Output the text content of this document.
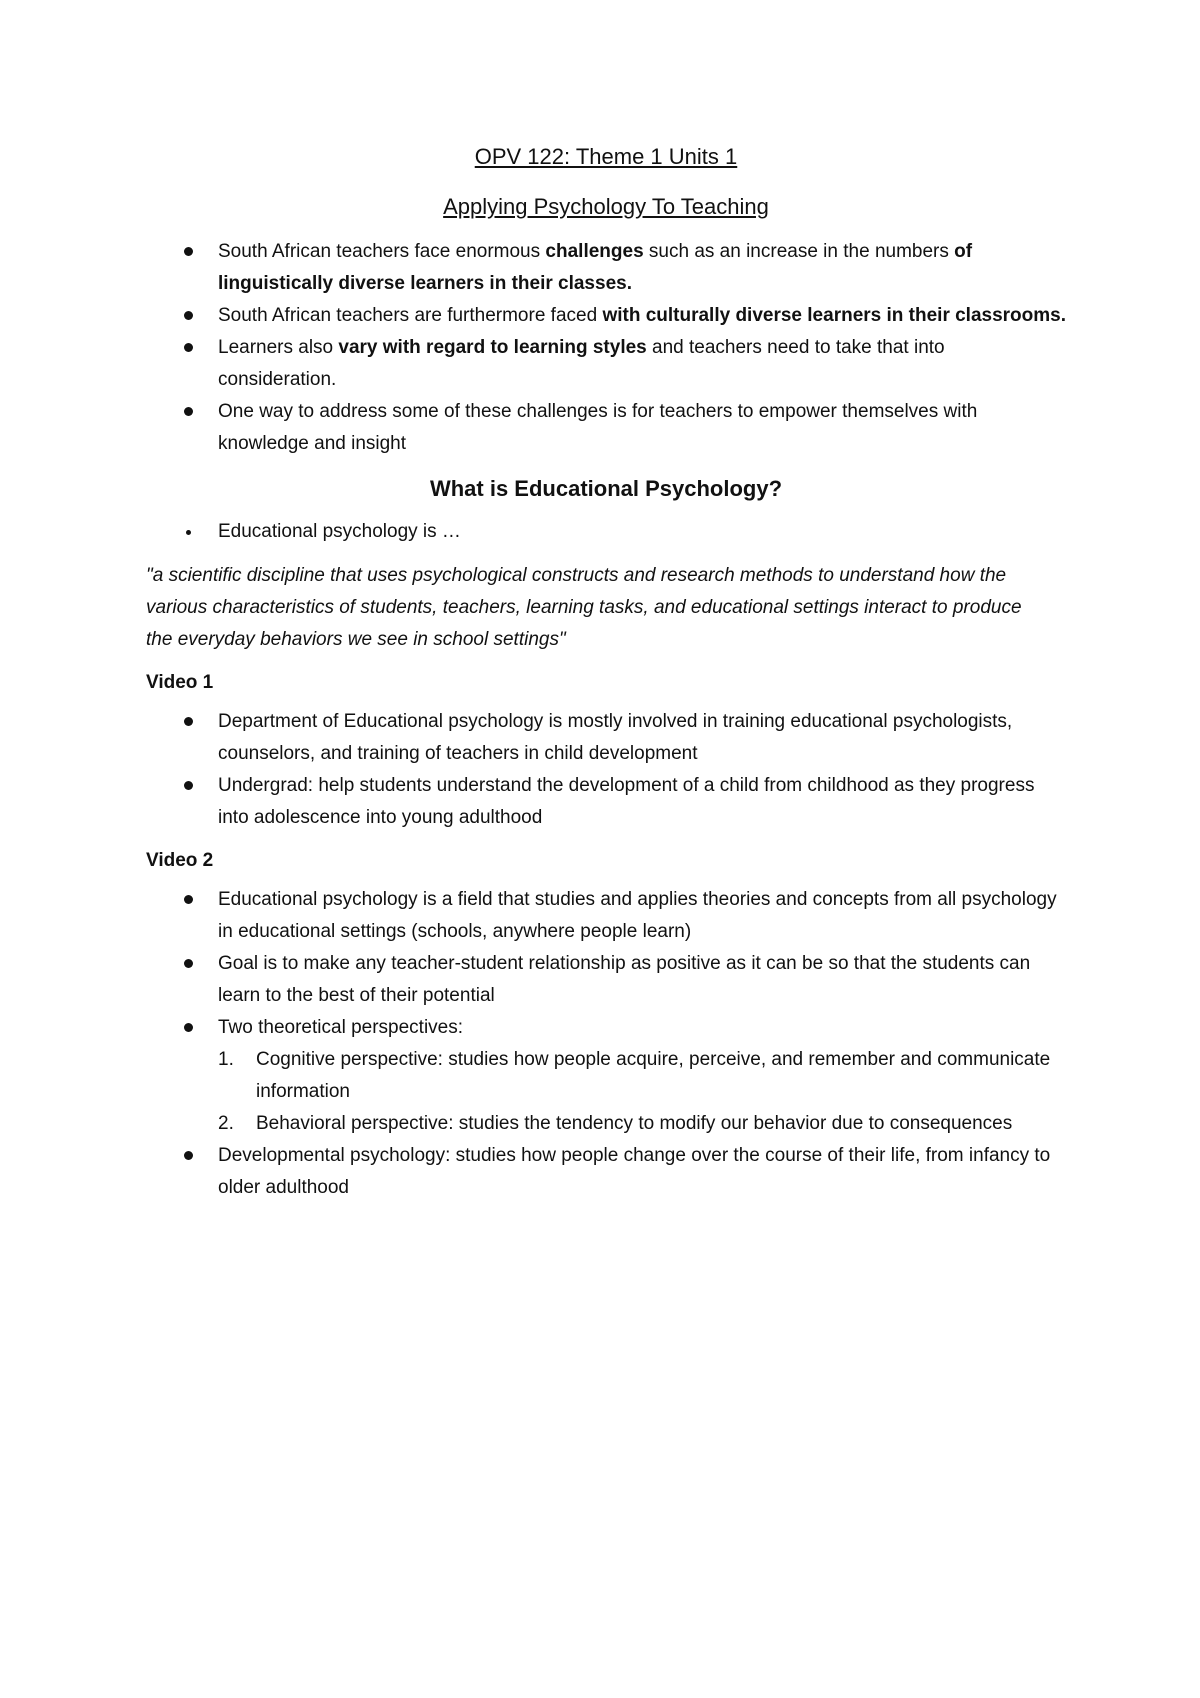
OPV 122: Theme 1 Units 1
Applying Psychology To Teaching
South African teachers face enormous challenges such as an increase in the numbers of linguistically diverse learners in their classes.
South African teachers are furthermore faced with culturally diverse learners in their classrooms.
Learners also vary with regard to learning styles and teachers need to take that into consideration.
One way to address some of these challenges is for teachers to empower themselves with knowledge and insight
What is Educational Psychology?
Educational psychology is …

"a scientific discipline that uses psychological constructs and research methods to understand how the various characteristics of students, teachers, learning tasks, and educational settings interact to produce the everyday behaviors we see in school settings"

Video 1
Department of Educational psychology is mostly involved in training educational psychologists, counselors, and training of teachers in child development
Undergrad: help students understand the development of a child from childhood as they progress into adolescence into young adulthood
Video 2
Educational psychology is a field that studies and applies theories and concepts from all psychology in educational settings (schools, anywhere people learn)
Goal is to make any teacher-student relationship as positive as it can be so that the students can learn to the best of their potential
Two theoretical perspectives:
1. Cognitive perspective: studies how people acquire, perceive, and remember and communicate information
2. Behavioral perspective: studies the tendency to modify our behavior due to consequences
Developmental psychology: studies how people change over the course of their life, from infancy to older adulthood
